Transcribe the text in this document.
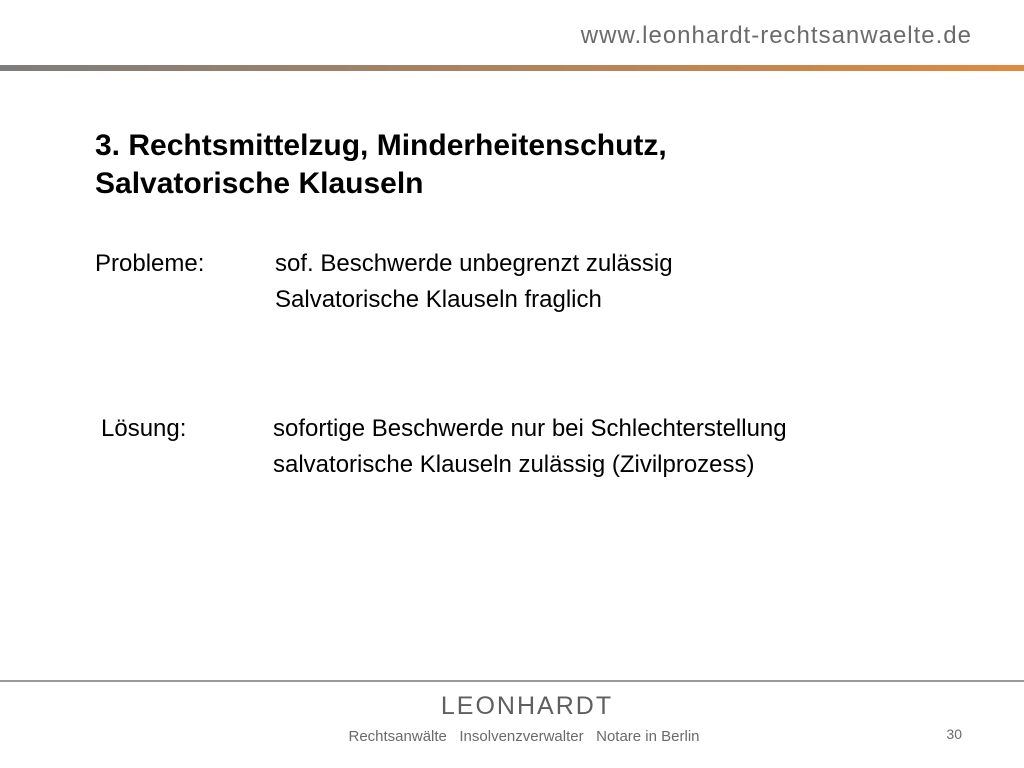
www.leonhardt-rechtsanwaelte.de
3. Rechtsmittelzug, Minderheitenschutz,
Salvatorische Klauseln
Probleme:	sof. Beschwerde unbegrenzt zulässig
Salvatorische Klauseln fraglich
Lösung:	sofortige Beschwerde nur bei Schlechterstellung
salvatorische Klauseln zulässig (Zivilprozess)
LEONHARDT
Rechtsanwälte   Insolvenzverwalter   Notare in Berlin	30
